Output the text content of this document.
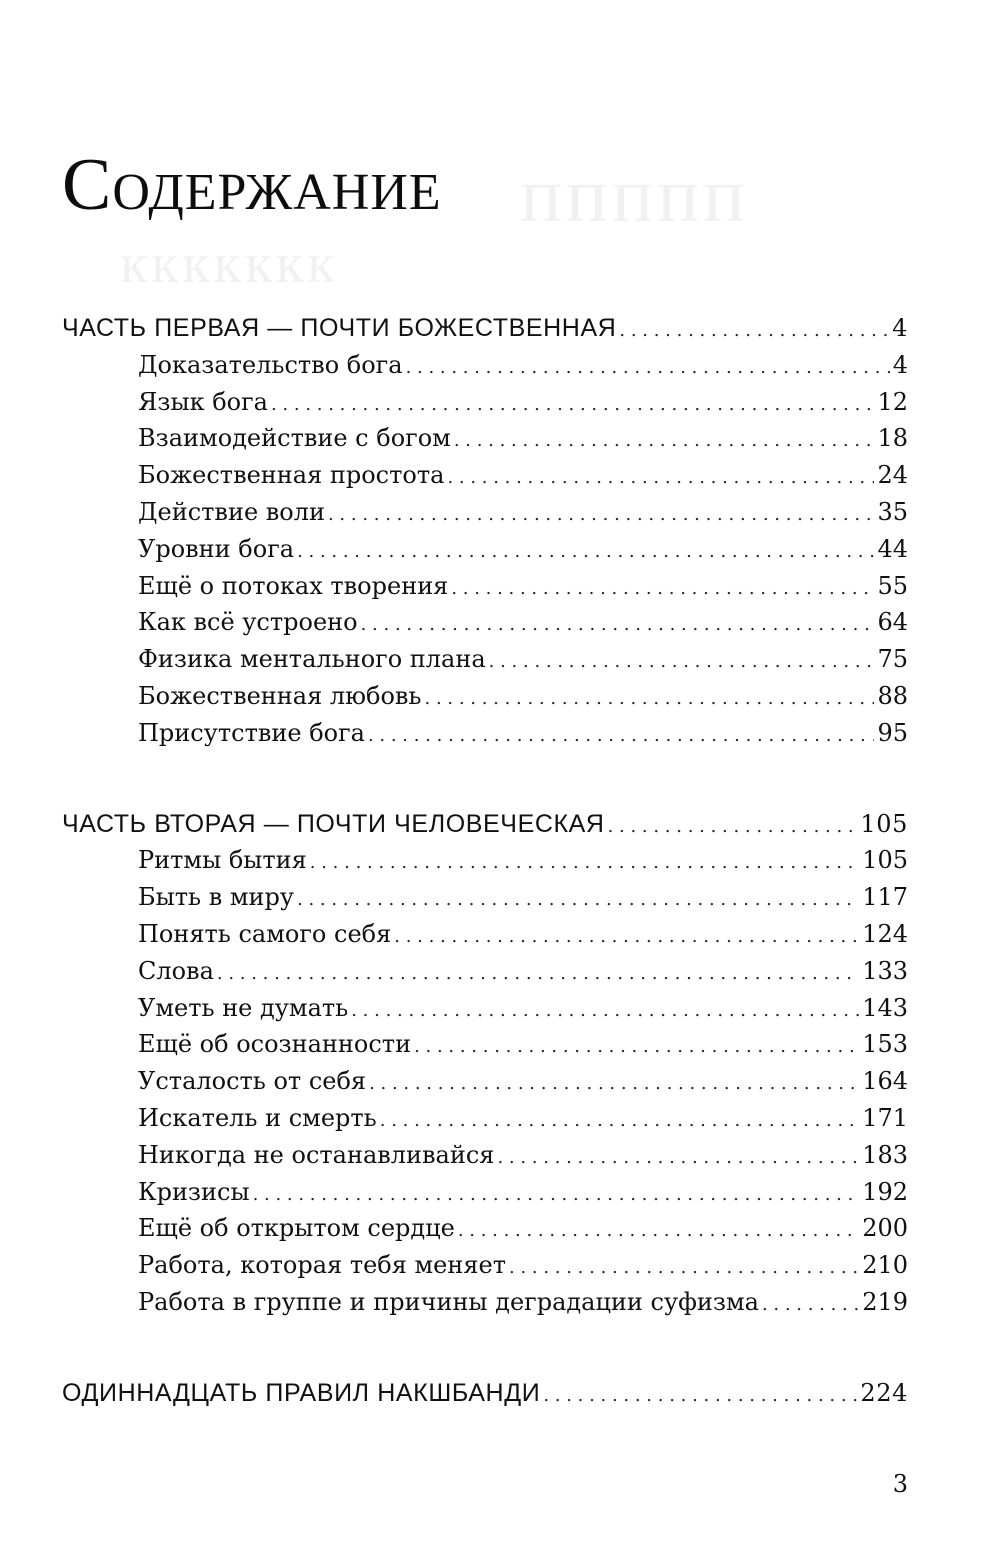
ппппп
ккккккк
Содержание
ЧАСТЬ ПЕРВАЯ — ПОЧТИ БОЖЕСТВЕННАЯ . . .	4
Доказательство бога . . .	4
Язык бога . . .	12
Взаимодействие с богом . . .	18
Божественная простота . . .	24
Действие воли . . .	35
Уровни бога . . .	44
Ещё о потоках творения . . .	55
Как всё устроено . . .	64
Физика ментального плана . . .	75
Божественная любовь . . .	88
Присутствие бога . . .	95
ЧАСТЬ ВТОРАЯ — ПОЧТИ ЧЕЛОВЕЧЕСКАЯ . . .	105
Ритмы бытия . . .	105
Быть в миру . . .	117
Понять самого себя . . .	124
Слова . . .	133
Уметь не думать . . .	143
Ещё об осознанности . . .	153
Усталость от себя . . .	164
Искатель и смерть . . .	171
Никогда не останавливайся . . .	183
Кризисы . . .	192
Ещё об открытом сердце . . .	200
Работа, которая тебя меняет . . .	210
Работа в группе и причины деградации суфизма . . .	219
ОДИННАДЦАТЬ ПРАВИЛ НАКШБАНДИ . . .	224
3
